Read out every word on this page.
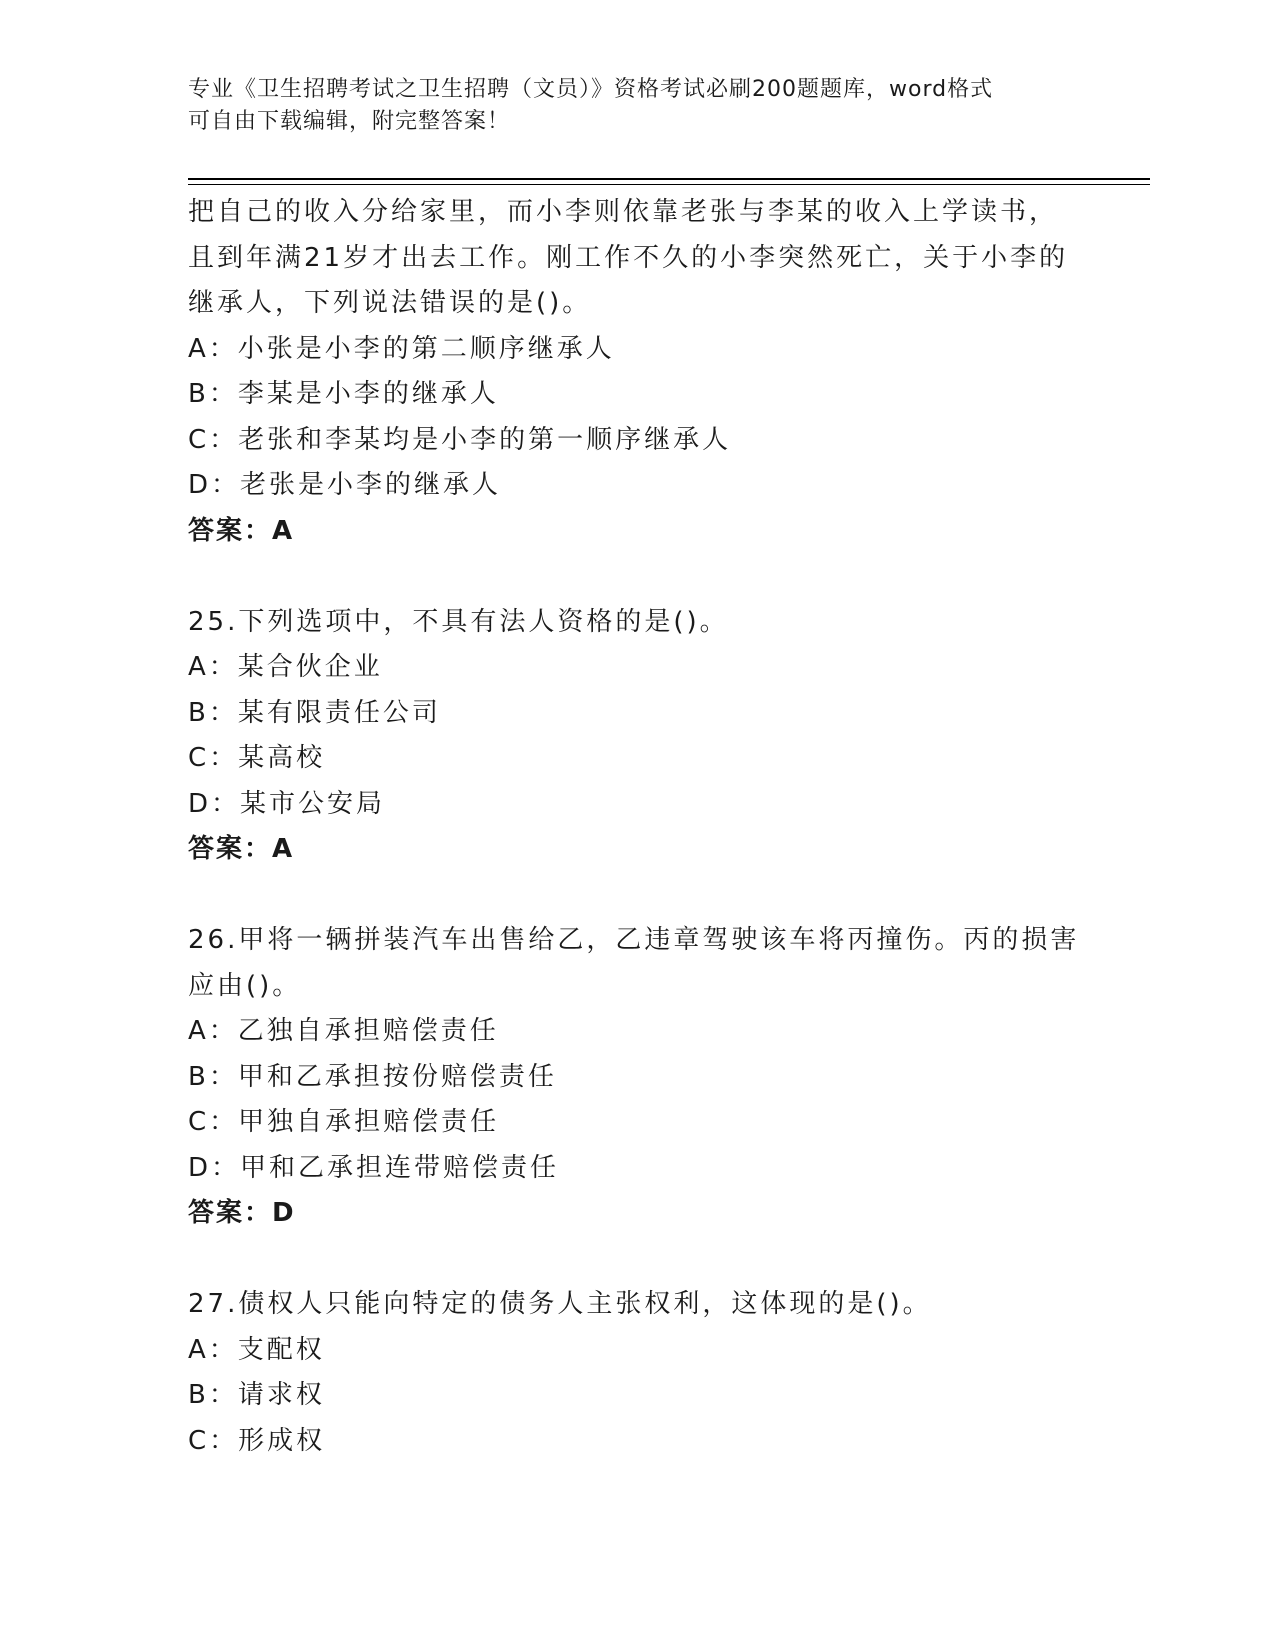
专业《卫生招聘考试之卫生招聘（文员）》资格考试必刷200题题库，word格式
可自由下载编辑，附完整答案！
把自己的收入分给家里，而小李则依靠老张与李某的收入上学读书，
且到年满21岁才出去工作。刚工作不久的小李突然死亡，关于小李的
继承人，下列说法错误的是()。
A：小张是小李的第二顺序继承人
B：李某是小李的继承人
C：老张和李某均是小李的第一顺序继承人
D：老张是小李的继承人
答案：A
25.下列选项中，不具有法人资格的是()。
A：某合伙企业
B：某有限责任公司
C：某高校
D：某市公安局
答案：A
26.甲将一辆拼装汽车出售给乙，乙违章驾驶该车将丙撞伤。丙的损害
应由()。
A：乙独自承担赔偿责任
B：甲和乙承担按份赔偿责任
C：甲独自承担赔偿责任
D：甲和乙承担连带赔偿责任
答案：D
27.债权人只能向特定的债务人主张权利，这体现的是()。
A：支配权
B：请求权
C：形成权
